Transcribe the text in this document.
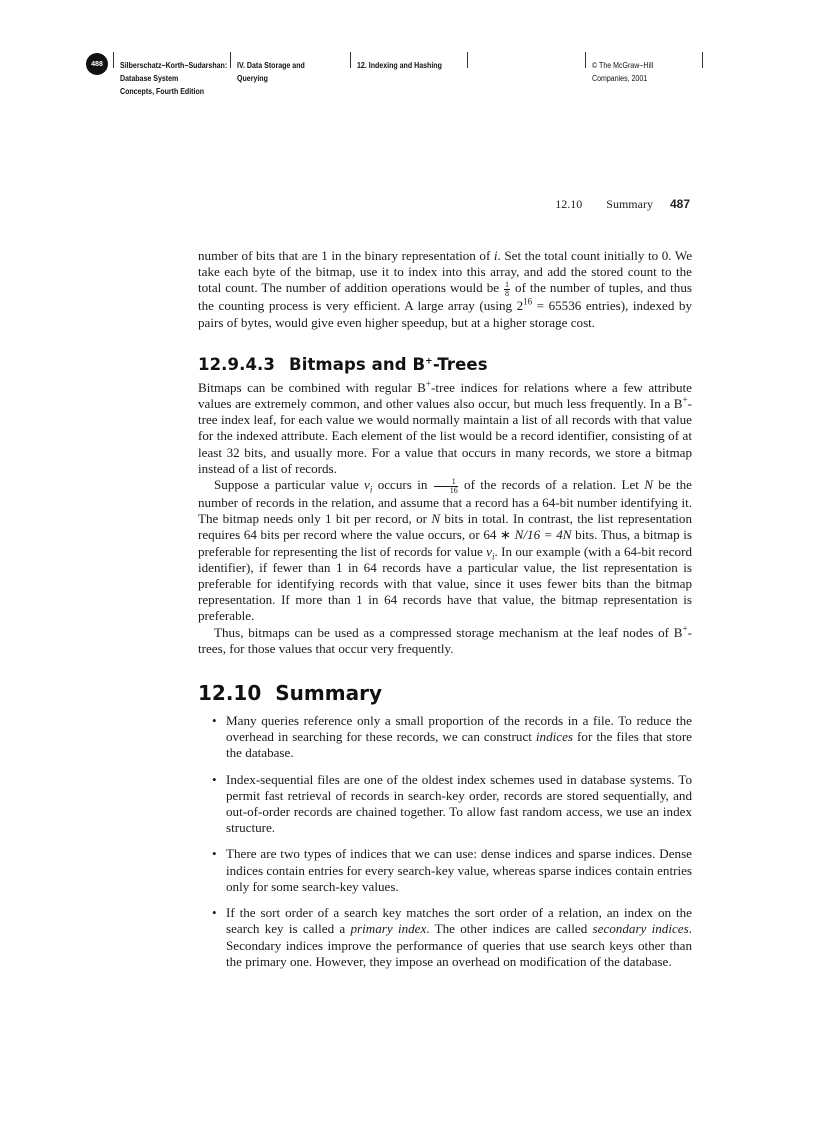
488	Silberschatz−Korth−Sudarshan:
Database System
Concepts, Fourth Edition
IV. Data Storage and
Querying
12. Indexing and Hashing	© The McGraw−Hill
Companies, 2001
12.10 Summary 487

number of bits that are 1 in the binary representation of i. Set the total count initially to 0. We take each byte of the bitmap, use it to index into this array, and add the stored count to the total count. The number of addition operations would be $\frac{1}{8}$ of the number of tuples, and thus the counting process is very efficient. A large array (using $2^{16} = 65536$ entries), indexed by pairs of bytes, would give even higher speedup, but at a higher storage cost.

12.9.4.3 Bitmaps and B+-Trees

Bitmaps can be combined with regular B+-tree indices for relations where a few attribute values are extremely common, and other values also occur, but much less frequently. In a B+-tree index leaf, for each value we would normally maintain a list of all records with that value for the indexed attribute. Each element of the list would be a record identifier, consisting of at least 32 bits, and usually more. For a value that occurs in many records, we store a bitmap instead of a list of records.

Suppose a particular value $v_i$ occurs in $\frac{1}{16}$ of the records of a relation. Let N be the number of records in the relation, and assume that a record has a 64-bit number identifying it. The bitmap needs only 1 bit per record, or N bits in total. In contrast, the list representation requires 64 bits per record where the value occurs, or 64 ∗ N/16 = 4N bits. Thus, a bitmap is preferable for representing the list of records for value $v_i$. In our example (with a 64-bit record identifier), if fewer than 1 in 64 records have a particular value, the list representation is preferable for identifying records with that value, since it uses fewer bits than the bitmap representation. If more than 1 in 64 records have that value, the bitmap representation is preferable.

Thus, bitmaps can be used as a compressed storage mechanism at the leaf nodes of B+-trees, for those values that occur very frequently.

12.10 Summary

• Many queries reference only a small proportion of the records in a file. To reduce the overhead in searching for these records, we can construct indices for the files that store the database.

• Index-sequential files are one of the oldest index schemes used in database systems. To permit fast retrieval of records in search-key order, records are stored sequentially, and out-of-order records are chained together. To allow fast random access, we use an index structure.

• There are two types of indices that we can use: dense indices and sparse indices. Dense indices contain entries for every search-key value, whereas sparse indices contain entries only for some search-key values.

• If the sort order of a search key matches the sort order of a relation, an index on the search key is called a primary index. The other indices are called secondary indices. Secondary indices improve the performance of queries that use search keys other than the primary one. However, they impose an overhead on modification of the database.
